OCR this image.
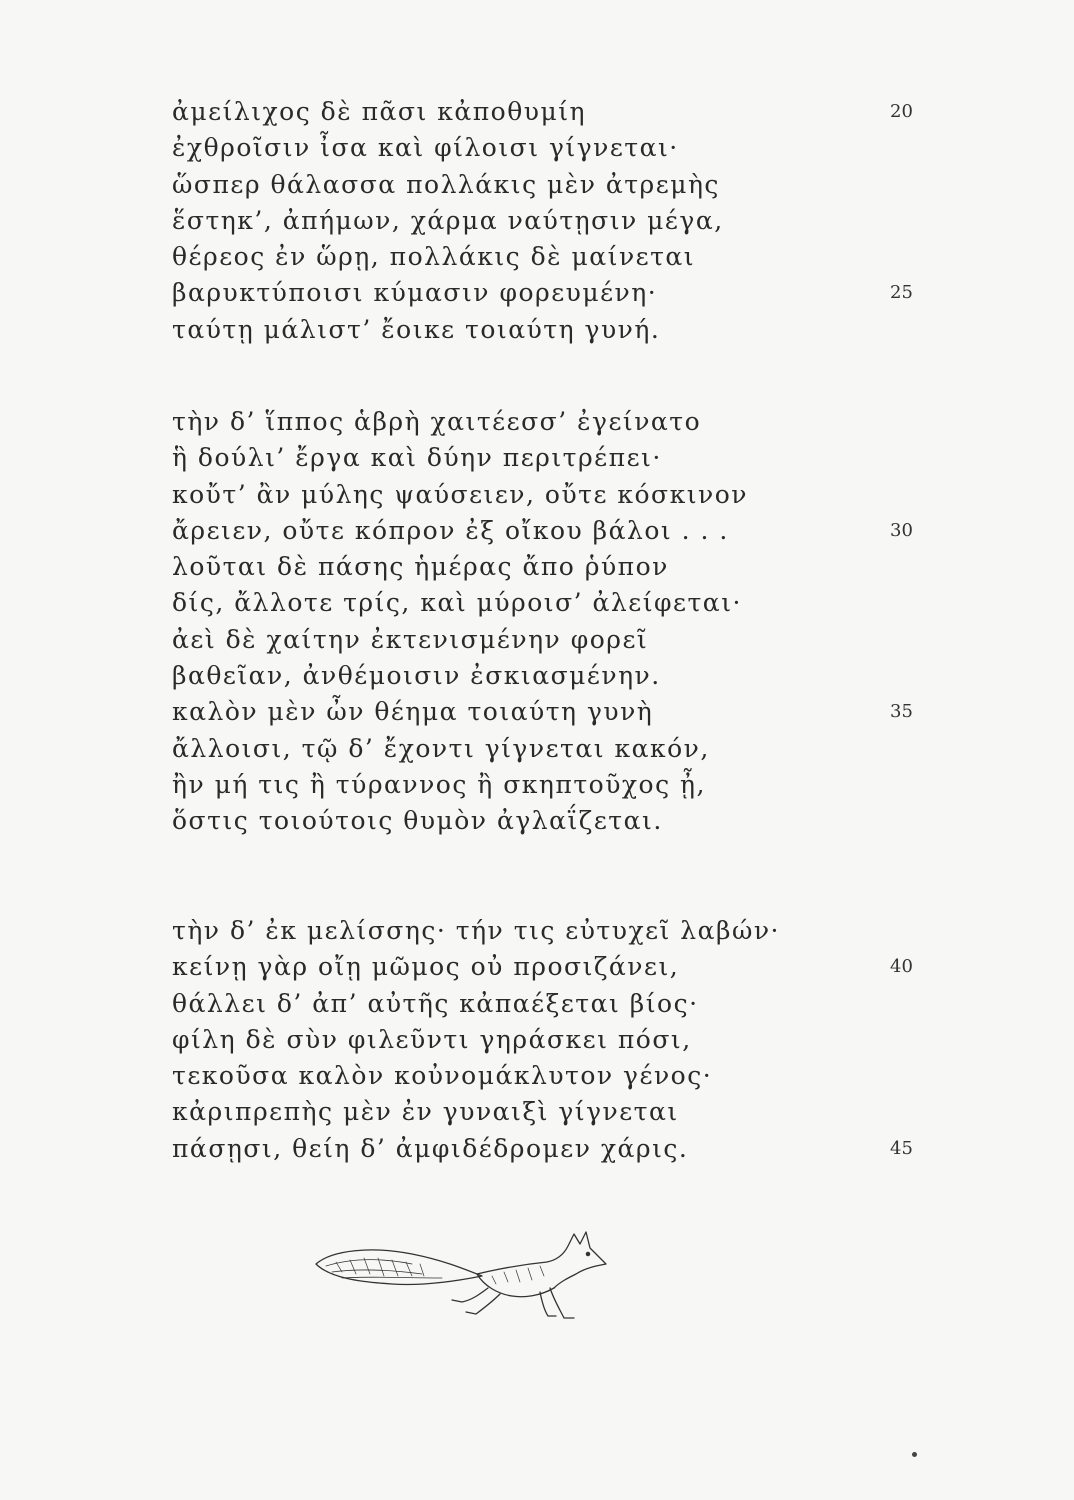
ἀμείλιχος δὲ πᾶσι κἀποθυμίη	20
ἐχθροῖσιν ἶσα καὶ φίλοισι γίγνεται·
ὥσπερ θάλασσα πολλάκις μὲν ἀτρεμὴς
ἕστηκ’, ἀπήμων, χάρμα ναύτῃσιν μέγα,
θέρεος ἐν ὥρῃ, πολλάκις δὲ μαίνεται
βαρυκτύποισι κύμασιν φορευμένη·	25
ταύτῃ μάλιστ’ ἔοικε τοιαύτη γυνή.
τὴν δ’ ἵππος ἁβρὴ χαιτέεσσ’ ἐγείνατο
ἣ δούλι’ ἔργα καὶ δύην περιτρέπει·
κοὔτ’ ἂν μύλης ψαύσειεν, οὔτε κόσκινον
ἄρειεν, οὔτε κόπρον ἐξ οἴκου βάλοι . . .	30
λοῦται δὲ πάσης ἡμέρας ἄπο ῥύπον
δίς, ἄλλοτε τρίς, καὶ μύροισ’ ἀλείφεται·
ἀεὶ δὲ χαίτην ἐκτενισμένην φορεῖ
βαθεῖαν, ἀνθέμοισιν ἐσκιασμένην.
καλὸν μὲν ὦν θέημα τοιαύτη γυνὴ	35
ἄλλοισι, τῷ δ’ ἔχοντι γίγνεται κακόν,
ἢν μή τις ἢ τύραννος ἢ σκηπτοῦχος ᾖ,
ὅστις τοιούτοις θυμὸν ἀγλαΐζεται.
τὴν δ’ ἐκ μελίσσης· τήν τις εὐτυχεῖ λαβών·
κείνῃ γὰρ οἴῃ μῶμος οὐ προσιζάνει,	40
θάλλει δ’ ἀπ’ αὐτῆς κἀπαέξεται βίος·
φίλη δὲ σὺν φιλεῦντι γηράσκει πόσι,
τεκοῦσα καλὸν κοὐνομάκλυτον γένος·
κἀριπρεπὴς μὲν ἐν γυναιξὶ γίγνεται
πάσῃσι, θείη δ’ ἀμφιδέδρομεν χάρις.	45
